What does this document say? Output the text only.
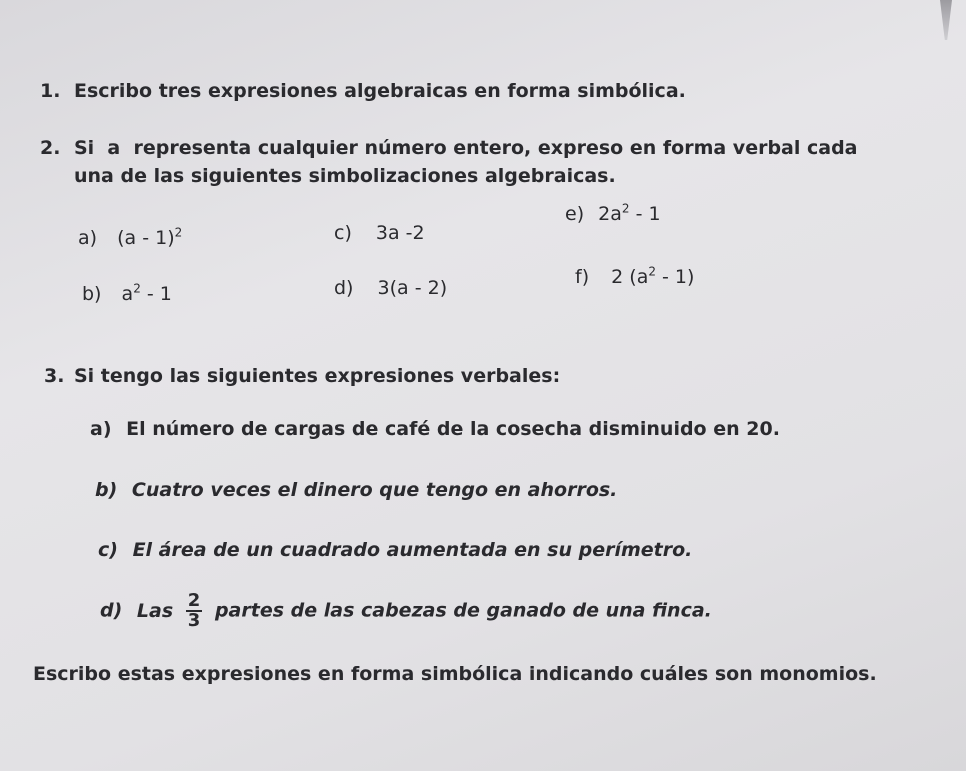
1. Escribo tres expresiones algebraicas en forma simbólica.
2. Si  a  representa cualquier número entero, expreso en forma verbal cada
una de las siguientes simbolizaciones algebraicas.
a) (a - 1)$^2$
b) $a^2 - 1$
c) 3a -2
d) 3(a - 2)
e) $2a^2 - 1$
f) 2 $(a^2 - 1)$
3. Si tengo las siguientes expresiones verbales:
a) El número de cargas de café de la cosecha disminuido en 20.
b) Cuatro veces el dinero que tengo en ahorros.
c) El área de un cuadrado aumentada en su perímetro.
d) Las $\frac{2}{3}$ partes de las cabezas de ganado de una finca.
Escribo estas expresiones en forma simbólica indicando cuáles son monomios.
